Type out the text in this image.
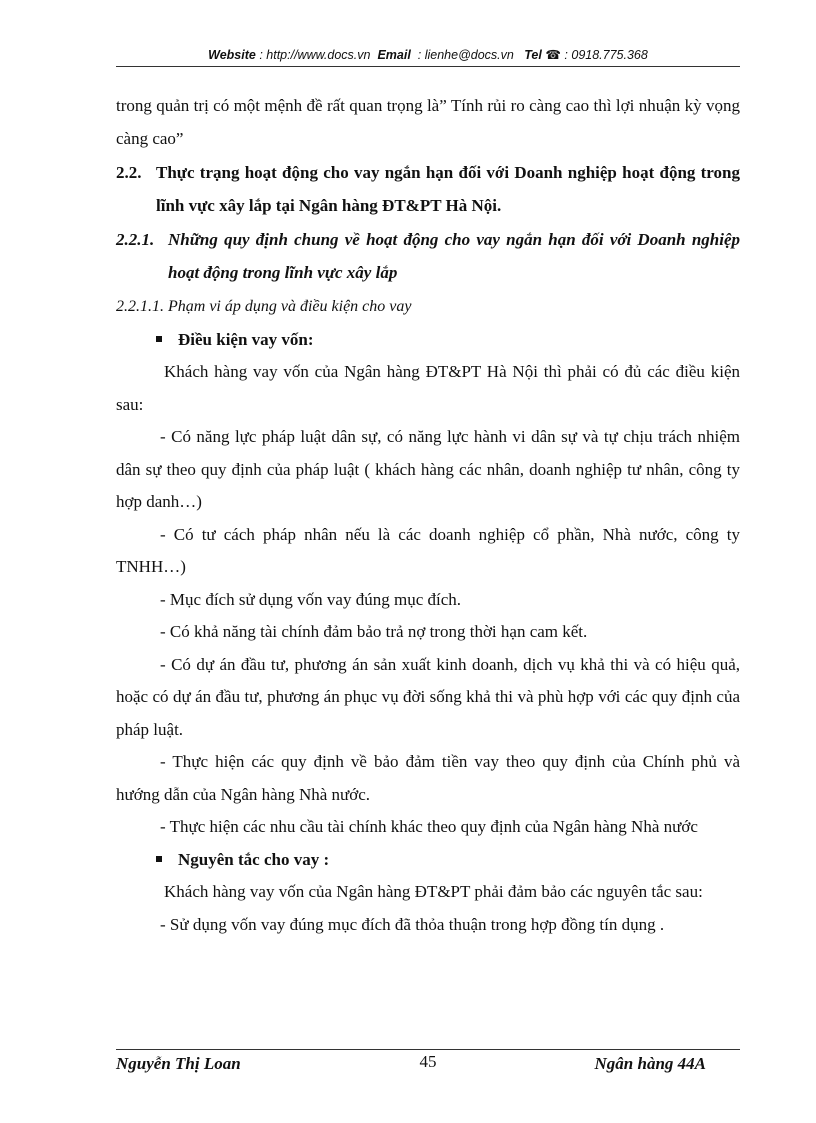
Website : http://www.docs.vn Email : lienhe@docs.vn Tel ☎ : 0918.775.368

trong quản trị có một mệnh đề rất quan trọng là” Tính rủi ro càng cao thì lợi nhuận kỳ vọng càng cao”

2.2. Thực trạng hoạt động cho vay ngắn hạn đối với Doanh nghiệp hoạt động trong lĩnh vực xây lắp tại Ngân hàng ĐT&PT Hà Nội.
2.2.1. Những quy định chung về hoạt động cho vay ngắn hạn đối với Doanh nghiệp hoạt động trong lĩnh vực xây lắp
2.2.1.1. Phạm vi áp dụng và điều kiện cho vay
Điều kiện vay vốn:

Khách hàng vay vốn của Ngân hàng ĐT&PT Hà Nội thì phải có đủ các điều kiện sau:

- Có năng lực pháp luật dân sự, có năng lực hành vi dân sự và tự chịu trách nhiệm dân sự theo quy định của pháp luật ( khách hàng các nhân, doanh nghiệp tư nhân, công ty hợp danh…)

- Có tư cách pháp nhân nếu là các doanh nghiệp cổ phần, Nhà nước, công ty TNHH…)

- Mục đích sử dụng vốn vay đúng mục đích.

- Có khả năng tài chính đảm bảo trả nợ trong thời hạn cam kết.

- Có dự án đầu tư, phương án sản xuất kinh doanh, dịch vụ khả thi và có hiệu quả, hoặc có dự án đầu tư, phương án phục vụ đời sống khả thi và phù hợp với các quy định của pháp luật.

- Thực hiện các quy định về bảo đảm tiền vay theo quy định của Chính phủ và hướng dẫn của Ngân hàng Nhà nước.

- Thực hiện các nhu cầu tài chính khác theo quy định của Ngân hàng Nhà nước

Nguyên tắc cho vay :

Khách hàng vay vốn của Ngân hàng ĐT&PT phải đảm bảo các nguyên tắc sau:

- Sử dụng vốn vay đúng mục đích đã thỏa thuận trong hợp đồng tín dụng .

Nguyễn Thị Loan	45	Ngân hàng 44A
